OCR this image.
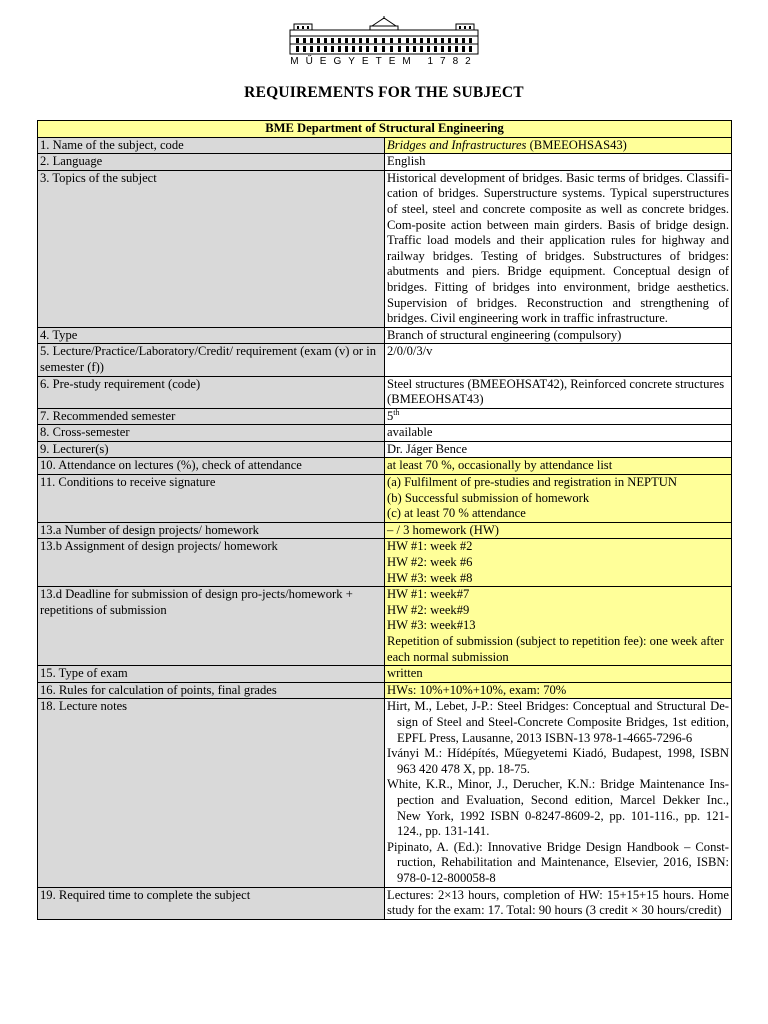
MŰEGYETEM 1782
REQUIREMENTS FOR THE SUBJECT
BME Department of Structural Engineering	
1. Name of the subject, code	Bridges and Infrastructures (BMEEOHSAS43)
2. Language	English
3. Topics of the subject	Historical development of bridges. Basic terms of bridges. Classifi-cation of bridges. Superstructure systems. Typical superstructures of steel, steel and concrete composite as well as concrete bridges. Com-posite action between main girders. Basis of bridge design. Traffic load models and their application rules for highway and railway bridges. Testing of bridges. Substructures of bridges: abutments and piers. Bridge equipment. Conceptual design of bridges. Fitting of bridges into environment, bridge aesthetics. Supervision of bridges. Reconstruction and strengthening of bridges. Civil engineering work in traffic infrastructure.
4. Type	Branch of structural engineering (compulsory)
5. Lecture/Practice/Laboratory/Credit/ requirement (exam (v) or in semester (f))	2/0/0/3/v
6. Pre-study requirement (code)	Steel structures (BMEEOHSAT42), Reinforced concrete structures (BMEEOHSAT43)
7. Recommended semester	5th
8. Cross-semester	available
9. Lecturer(s)	Dr. Jáger Bence
10. Attendance on lectures (%), check of attendance	at least 70 %, occasionally by attendance list
11. Conditions to receive signature	(a) Fulfilment of pre-studies and registration in NEPTUN
(b) Successful submission of homework
(c) at least 70 % attendance

13.a Number of design projects/ homework	– / 3 homework (HW)
13.b Assignment of design projects/ homework	HW #1: week #2
HW #2: week #6
HW #3: week #8

13.d Deadline for submission of design pro-jects/homework + repetitions of submission	HW #1: week#7
HW #2: week#9
HW #3: week#13
Repetition of submission (subject to repetition fee): one week after each normal submission

15. Type of exam	written
16. Rules for calculation of points, final grades	HWs: 10%+10%+10%, exam: 70%
18. Lecture notes	Hirt, M., Lebet, J-P.: Steel Bridges: Conceptual and Structural De-sign of Steel and Steel-Concrete Composite Bridges, 1st edition, EPFL Press, Lausanne, 2013 ISBN-13 978-1-4665-7296-6
Iványi M.: Hídépítés, Műegyetemi Kiadó, Budapest, 1998, ISBN 963 420 478 X, pp. 18-75.
White, K.R., Minor, J., Derucher, K.N.: Bridge Maintenance Ins-pection and Evaluation, Second edition, Marcel Dekker Inc., New York, 1992 ISBN 0-8247-8609-2, pp. 101-116., pp. 121-124., pp. 131-141.
Pipinato, A. (Ed.): Innovative Bridge Design Handbook – Const-ruction, Rehabilitation and Maintenance, Elsevier, 2016, ISBN: 978-0-12-800058-8

19. Required time to complete the subject	Lectures: 2×13 hours, completion of HW: 15+15+15 hours. Home study for the exam: 17. Total: 90 hours (3 credit × 30 hours/credit)
